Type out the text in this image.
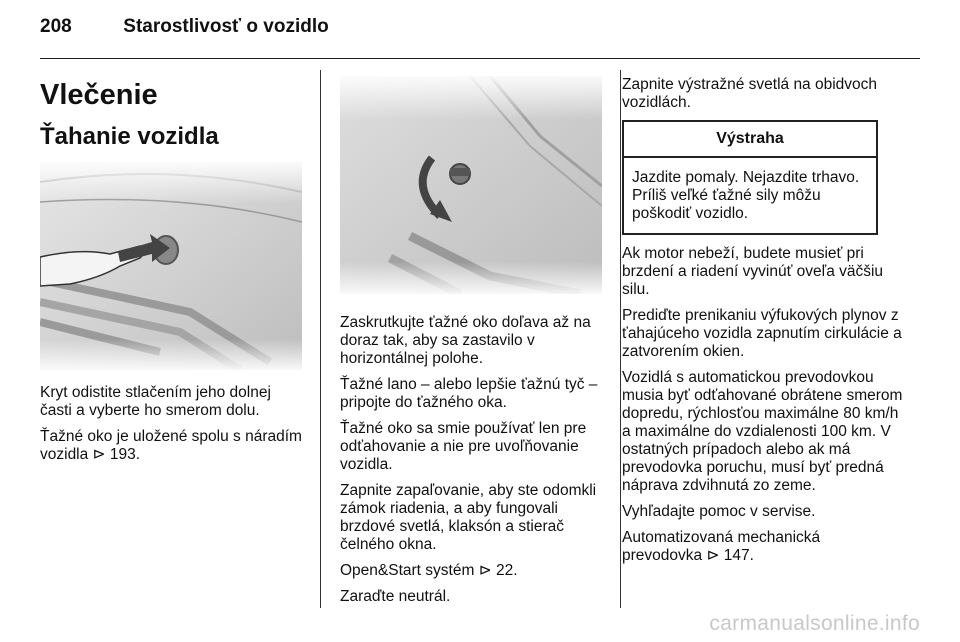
208	Starostlivosť o vozidlo
Vlečenie
Ťahanie vozidla

Kryt odistite stlačením jeho dolnej časti a vyberte ho smerom dolu.

Ťažné oko je uložené spolu s náradím vozidla ⊳ 193.

Zaskrutkujte ťažné oko doľava až na doraz tak, aby sa zastavilo v horizontálnej polohe.

Ťažné lano – alebo lepšie ťažnú tyč – pripojte do ťažného oka.

Ťažné oko sa smie používať len pre odťahovanie a nie pre uvoľňovanie vozidla.

Zapnite zapaľovanie, aby ste odomkli zámok riadenia, a aby fungovali brzdové svetlá, klaksón a stierač čelného okna.

Open&Start systém ⊳ 22.

Zaraďte neutrál.

Zapnite výstražné svetlá na obidvoch vozidlách.

Výstraha
Jazdite pomaly. Nejazdite trhavo. Príliš veľké ťažné sily môžu poškodiť vozidlo.

Ak motor nebeží, budete musieť pri brzdení a riadení vyvinúť oveľa väčšiu silu.

Prediďte prenikaniu výfukových plynov z ťahajúceho vozidla zapnutím cirkulácie a zatvorením okien.

Vozidlá s automatickou prevodovkou musia byť odťahované obrátene smerom dopredu, rýchlosťou maximálne 80 km/h a maximálne do vzdialenosti 100 km. V ostatných prípadoch alebo ak má prevodovka poruchu, musí byť predná náprava zdvihnutá zo zeme.

Vyhľadajte pomoc v servise.

Automatizovaná mechanická prevodovka ⊳ 147.

carmanualsonline.info
